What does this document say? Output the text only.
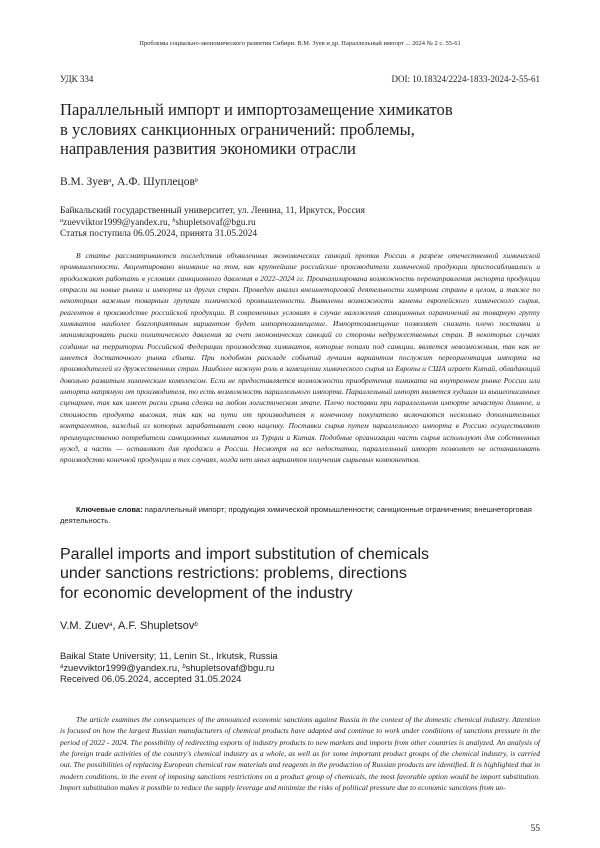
Проблемы социально-экономического развития Сибири. В.М. Зуев и др. Параллельный импорт ... 2024 № 2 с. 55-61
УДК 334	DOI: 10.18324/2224-1833-2024-2-55-61
Параллельный импорт и импортозамещение химикатов
в условиях санкционных ограничений: проблемы,
направления развития экономики отрасли
В.М. Зуев$^a$, А.Ф. Шуплецов$^b$
Байкальский государственный университет, ул. Ленина, 11, Иркутск, Россия
$^a$zuevviktor1999@yandex.ru, $^b$shupletsovaf@bgu.ru
Статья поступила 06.05.2024, принята 31.05.2024

В статье рассматриваются последствия объявленных экономических санкций против России в разрезе отечественной химической промышленности. Акцентировано внимание на том, как крупнейшие российские производители химической продукции приспосабливались и продолжают работать в условиях санкционного давления в 2022–2024 гг. Проанализирована возможность перенаправления экспорта продукции отрасли на новые рынки и импорта из других стран. Проведен анализ внешнеторговой деятельности химпрома страны в целом, а также по некоторым важным товарным группам химической промышленности. Выявлены возможности замены европейского химического сырья, реагентов в производстве российской продукции. В современных условиях в случае наложения санкционных ограничений на товарную группу химикатов наиболее благоприятным вариантом будет импортозамещение. Импортозамещение позволяет снизить плечо поставки и минимизировать риски политического давления за счет экономических санкций со стороны недружественных стран. В некоторых случаях создание на территории Российской Федерации производства химикатов, которые попали под санкции, является невозможным, так как не имеется достаточного рынка сбыта. При подобном раскладе событий лучшим вариантом послужит переориентация импорта на производителей из дружественных стран. Наиболее важную роль в замещении химического сырья из Европы и США играет Китай, обладающий довольно развитым химическим комплексом. Если не предоставляется возможности приобретения химиката на внутреннем рынке России или импорта напрямую от производителя, то есть возможность параллельного импорта. Параллельный импорт является худшим из вышеописанных сценариев, так как имеет риски срыва сделки на любом логистическом этапе. Плечо поставки при параллельном импорте зачастую длинное, и стоимость продукта высокая, так как на пути от производителя к конечному покупателю включаются несколько дополнительных контрагентов, каждый из которых зарабатывает свою наценку. Поставки сырья путем параллельного импорта в Россию осуществляют преимущественно потребители санкционных химикатов из Турции и Китая. Подобные организации часть сырья используют для собственных нужд, а часть — оставляют для продажи в России. Несмотря на все недостатки, параллельный импорт позволяет не останавливать производство конечной продукции в тех случаях, когда нет иных вариантов получения сырьевых компонентов.

Ключевые слова: параллельный импорт; продукция химической промышленности; санкционные ограничения; внешнеторговая деятельность.
Parallel imports and import substitution of chemicals
under sanctions restrictions: problems, directions
for economic development of the industry
V.M. Zuev$^a$, A.F. Shupletsov$^b$
Baikal State University; 11, Lenin St., Irkutsk, Russia
$^a$zuevviktor1999@yandex.ru, $^b$shupletsovaf@bgu.ru
Received 06.05.2024, accepted 31.05.2024

The article examines the consequences of the announced economic sanctions against Russia in the context of the domestic chemical industry. Attention is focused on how the largest Russian manufacturers of chemical products have adapted and continue to work under conditions of sanctions pressure in the period of 2022 - 2024. The possibility of redirecting exports of industry products to new markets and imports from other countries is analyzed. An analysis of the foreign trade activities of the country's chemical industry as a whole, as well as for some important product groups of the chemical industry, is carried out. The possibilities of replacing European chemical raw materials and reagents in the production of Russian products are identified. It is highlighted that in modern conditions, in the event of imposing sanctions restrictions on a product group of chemicals, the most favorable option would be import substitution. Import substitution makes it possible to reduce the supply leverage and minimize the risks of political pressure due to economic sanctions from un-

55
